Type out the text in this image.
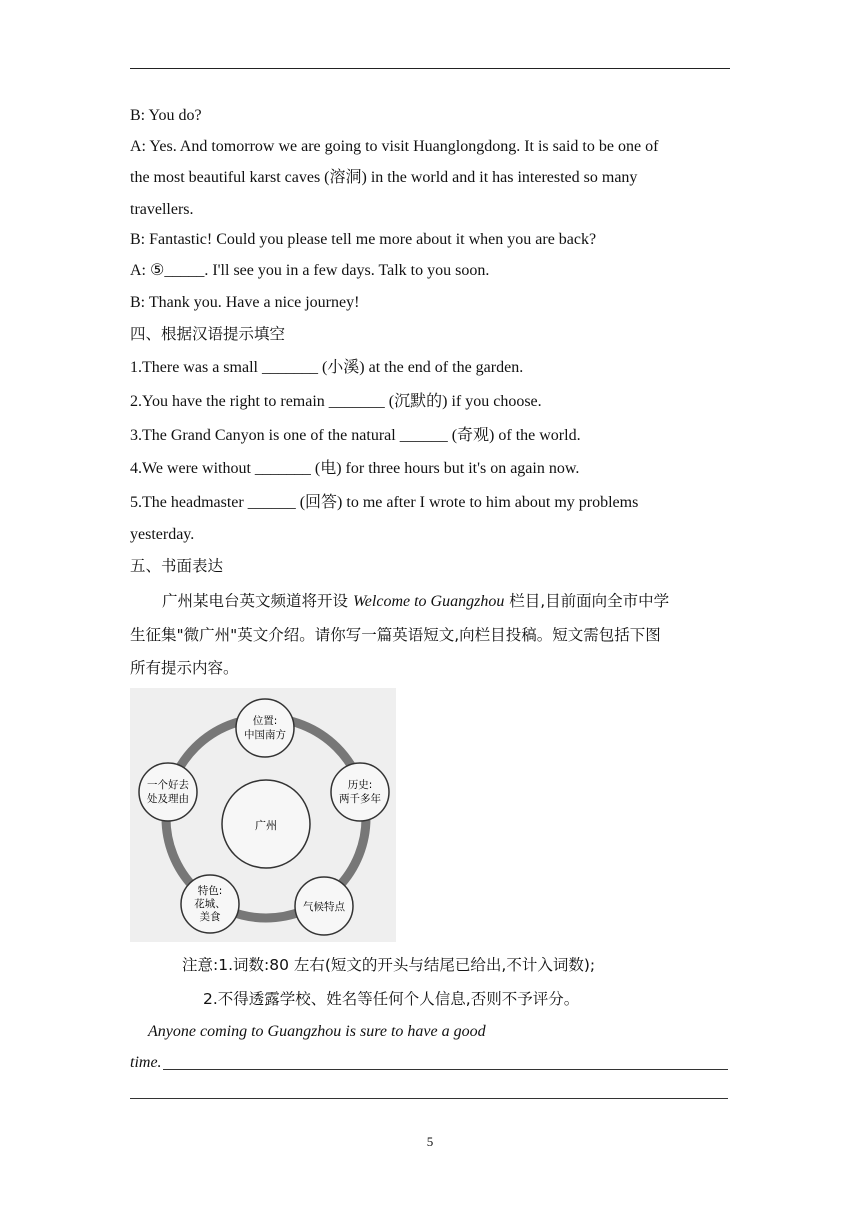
B: You do?
A: Yes. And tomorrow we are going to visit Huanglongdong. It is said to be one of
the most beautiful karst caves (溶洞) in the world and it has interested so many
travellers.
B: Fantastic! Could you please tell me more about it when you are back?
A: ⑤_____. I'll see you in a few days. Talk to you soon.
B: Thank you. Have a nice journey!
四、根据汉语提示填空
1.There was a small _______ (小溪) at the end of the garden.
2.You have the right to remain _______ (沉默的) if you choose.
3.The Grand Canyon is one of the natural ______ (奇观) of the world.
4.We were without _______ (电) for three hours but it's on again now.
5.The headmaster ______ (回答) to me after I wrote to him about my problems
yesterday.
五、书面表达
广州某电台英文频道将开设 Welcome to Guangzhou 栏目,目前面向全市中学
生征集"微广州"英文介绍。请你写一篇英语短文,向栏目投稿。短文需包括下图
所有提示内容。
广州
位置:
中国南方
历史:
两千多年
气候特点
特色:
花城、
美食
一个好去
处及理由
注意:1.词数:80 左右(短文的开头与结尾已给出,不计入词数);
2.不得透露学校、姓名等任何个人信息,否则不予评分。
Anyone coming to Guangzhou is sure to have a good
time.
5
